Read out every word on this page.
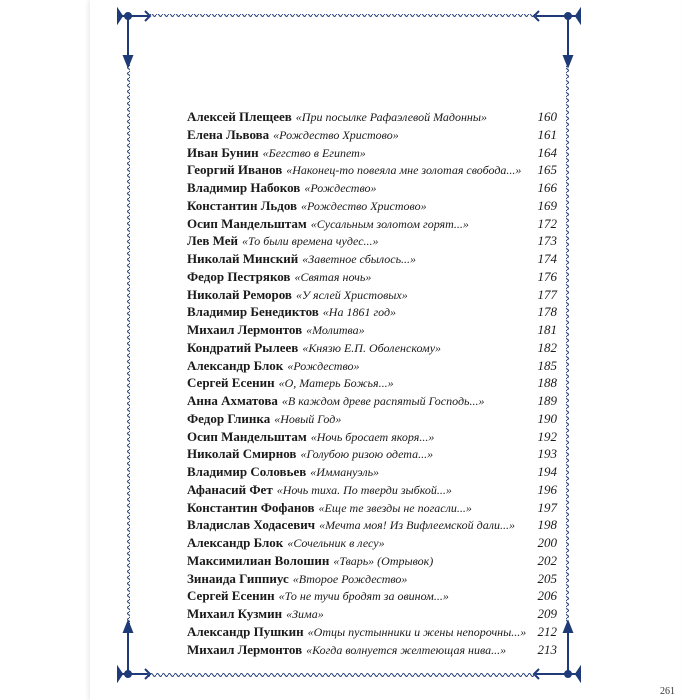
Алексей Плещеев «При посылке Рафаэлевой Мадонны»	160
Елена Львова «Рождество Христово»	161
Иван Бунин «Бегство в Египет»	164
Георгий Иванов «Наконец-то повеяла мне золотая свобода...» 165
Владимир Набоков «Рождество»	166
Константин Льдов «Рождество Христово»	169
Осип Мандельштам «Сусальным золотом горят...»	172
Лев Мей «То были времена чудес...»	173
Николай Минский «Заветное сбылось...»	174
Федор Пестряков «Святая ночь»	176
Николай Реморов «У яслей Христовых»	177
Владимир Бенедиктов «На 1861 год»	178
Михаил Лермонтов «Молитва»	181
Кондратий Рылеев «Князю Е.П. Оболенскому»	182
Александр Блок «Рождество»	185
Сергей Есенин «О, Матерь Божья...»	188
Анна Ахматова «В каждом древе распятый Господь...»	189
Федор Глинка «Новый Год»	190
Осип Мандельштам «Ночь бросает якоря...»	192
Николай Смирнов «Голубою ризою одета...»	193
Владимир Соловьев «Иммануэль»	194
Афанасий Фет «Ночь тиха. По тверди зыбкой...»	196
Константин Фофанов «Еще те звезды не погасли...»	197
Владислав Ходасевич «Мечта моя! Из Вифлеемской дали...» 198
Александр Блок «Сочельник в лесу»	200
Максимилиан Волошин «Тварь» (Отрывок)	202
Зинаида Гиппиус «Второе Рождество»	205
Сергей Есенин «То не тучи бродят за овином...»	206
Михаил Кузмин «Зима»	209
Александр Пушкин «Отцы пустынники и жены непорочны...» 212
Михаил Лермонтов «Когда волнуется желтеющая нива...» 213
261
